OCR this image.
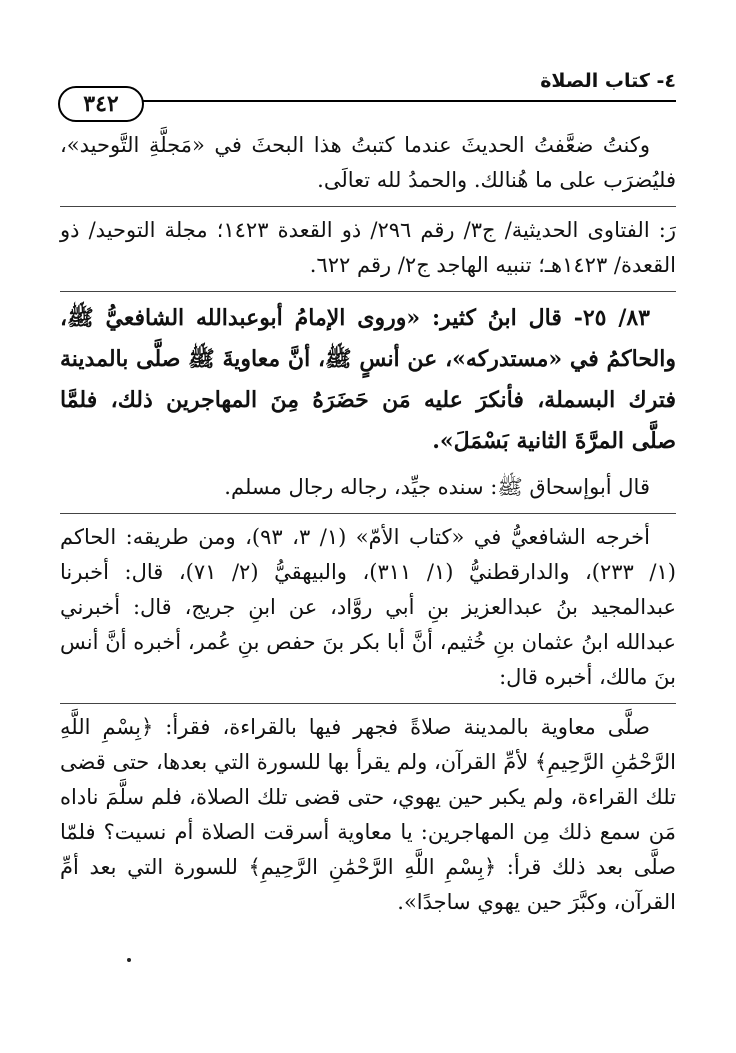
٤- كتاب الصلاة
٣٤٢

وكنتُ ضعَّفتُ الحديثَ عندما كتبتُ هذا البحثَ في «مَجلَّةِ التَّوحيد»، فليُضرَب على ما هُنالك. والحمدُ لله تعالَى.

رَ: الفتاوى الحديثية/ ج٣/ رقم ٢٩٦/ ذو القعدة ١٤٢٣؛ مجلة التوحيد/ ذو القعدة/ ١٤٢٣هـ؛ تنبيه الهاجد ج٢/ رقم ٦٢٢.

٨٣/ ٢٥- قال ابنُ كثير: «وروى الإمامُ أبوعبدالله الشافعيُّ ﷺ، والحاكمُ في «مستدركه»، عن أنسٍ ﷺ، أنَّ معاويةَ ﷺ صلَّى بالمدينة فترك البسملة، فأنكرَ عليه مَن حَضَرَهُ مِنَ المهاجرين ذلك، فلمَّا صلَّى المرَّةَ الثانية بَسْمَلَ».

قال أبوإسحاق ﷺ: سنده جيِّد، رجاله رجال مسلم.

أخرجه الشافعيُّ في «كتاب الأمّ» (١/ ٣، ٩٣)، ومن طريقه: الحاكم (١/ ٢٣٣)، والدارقطنيُّ (١/ ٣١١)، والبيهقيُّ (٢/ ٧١)، قال: أخبرنا عبدالمجيد بنُ عبدالعزيز بنِ أبي روَّاد، عن ابنِ جريج، قال: أخبرني عبدالله ابنُ عثمان بنِ خُثيم، أنَّ أبا بكر بنَ حفص بنِ عُمر، أخبره أنَّ أنس بنَ مالك، أخبره قال:

صلَّى معاوية بالمدينة صلاةً فجهر فيها بالقراءة، فقرأ: ﴿بِسْمِ اللَّهِ الرَّحْمَٰنِ الرَّحِيمِ﴾ لأمِّ القرآن، ولم يقرأ بها للسورة التي بعدها، حتى قضى تلك القراءة، ولم يكبر حين يهوي، حتى قضى تلك الصلاة، فلم سلَّمَ ناداه مَن سمع ذلك مِن المهاجرين: يا معاوية أسرقت الصلاة أم نسيت؟ فلمّا صلَّى بعد ذلك قرأ: ﴿بِسْمِ اللَّهِ الرَّحْمَٰنِ الرَّحِيمِ﴾ للسورة التي بعد أمِّ القرآن، وكبَّرَ حين يهوي ساجدًا».
